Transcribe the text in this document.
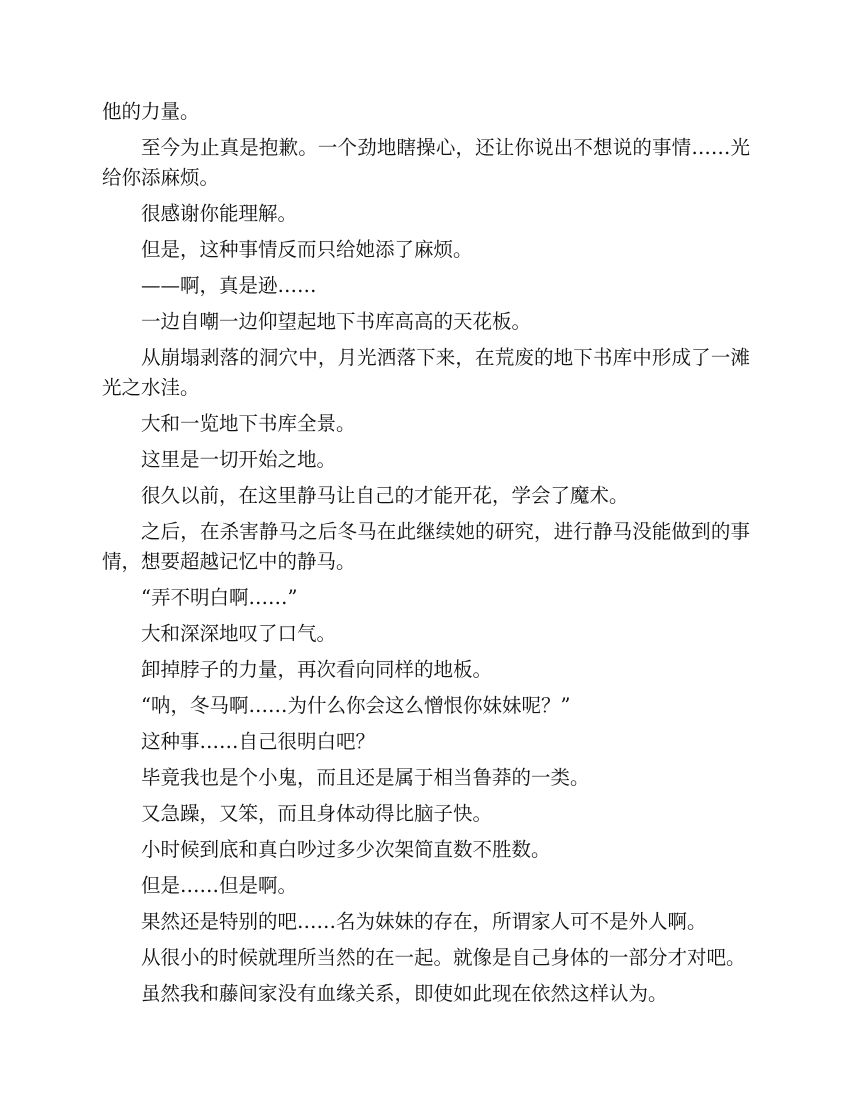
他的力量。

至今为止真是抱歉。一个劲地瞎操心，还让你说出不想说的事情……光给你添麻烦。

很感谢你能理解。

但是，这种事情反而只给她添了麻烦。

——啊，真是逊……

一边自嘲一边仰望起地下书库高高的天花板。

从崩塌剥落的洞穴中，月光洒落下来，在荒废的地下书库中形成了一滩光之水洼。

大和一览地下书库全景。

这里是一切开始之地。

很久以前，在这里静马让自己的才能开花，学会了魔术。

之后，在杀害静马之后冬马在此继续她的研究，进行静马没能做到的事情，想要超越记忆中的静马。

“弄不明白啊……”

大和深深地叹了口气。

卸掉脖子的力量，再次看向同样的地板。

“呐，冬马啊……为什么你会这么憎恨你妹妹呢？”

这种事……自己很明白吧？

毕竟我也是个小鬼，而且还是属于相当鲁莽的一类。

又急躁，又笨，而且身体动得比脑子快。

小时候到底和真白吵过多少次架简直数不胜数。

但是……但是啊。

果然还是特别的吧……名为妹妹的存在，所谓家人可不是外人啊。

从很小的时候就理所当然的在一起。就像是自己身体的一部分才对吧。

虽然我和藤间家没有血缘关系，即使如此现在依然这样认为。
